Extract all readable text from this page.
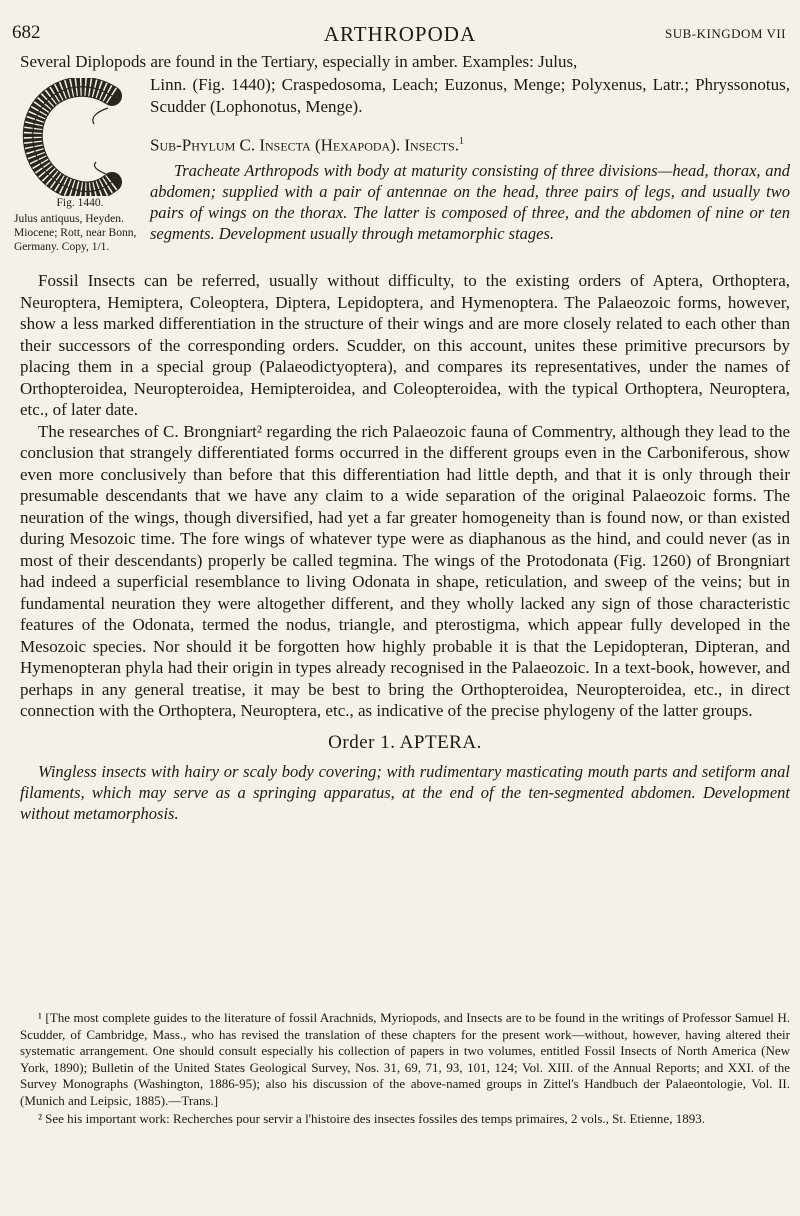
682	ARTHROPODA	SUB-KINGDOM VII
Several Diplopods are found in the Tertiary, especially in amber. Examples: Julus,
Fig. 1440.
Julus antiquus, Heyden. Miocene; Rott, near Bonn, Germany. Copy, 1/1.

Linn. (Fig. 1440); Craspedosoma, Leach; Euzonus, Menge; Polyxenus, Latr.; Phryssonotus, Scudder (Lophonotus, Menge).

Sub-Phylum C. Insecta (Hexapoda). Insects.$^1$

Tracheate Arthropods with body at maturity consisting of three divisions—head, thorax, and abdomen; supplied with a pair of antennae on the head, three pairs of legs, and usually two pairs of wings on the thorax. The latter is composed of three, and the abdomen of nine or ten segments. Development usually through metamorphic stages.

Fossil Insects can be referred, usually without difficulty, to the existing orders of Aptera, Orthoptera, Neuroptera, Hemiptera, Coleoptera, Diptera, Lepidoptera, and Hymenoptera. The Palaeozoic forms, however, show a less marked differentiation in the structure of their wings and are more closely related to each other than their successors of the corresponding orders. Scudder, on this account, unites these primitive precursors by placing them in a special group (Palaeodictyoptera), and compares its representatives, under the names of Orthopteroidea, Neuropteroidea, Hemipteroidea, and Coleopteroidea, with the typical Orthoptera, Neuroptera, etc., of later date.

The researches of C. Brongniart² regarding the rich Palaeozoic fauna of Commentry, although they lead to the conclusion that strangely differentiated forms occurred in the different groups even in the Carboniferous, show even more conclusively than before that this differentiation had little depth, and that it is only through their presumable descendants that we have any claim to a wide separation of the original Palaeozoic forms. The neuration of the wings, though diversified, had yet a far greater homogeneity than is found now, or than existed during Mesozoic time. The fore wings of whatever type were as diaphanous as the hind, and could never (as in most of their descendants) properly be called tegmina. The wings of the Protodonata (Fig. 1260) of Brongniart had indeed a superficial resemblance to living Odonata in shape, reticulation, and sweep of the veins; but in fundamental neuration they were altogether different, and they wholly lacked any sign of those characteristic features of the Odonata, termed the nodus, triangle, and pterostigma, which appear fully developed in the Mesozoic species. Nor should it be forgotten how highly probable it is that the Lepidopteran, Dipteran, and Hymenopteran phyla had their origin in types already recognised in the Palaeozoic. In a text-book, however, and perhaps in any general treatise, it may be best to bring the Orthopteroidea, Neuropteroidea, etc., in direct connection with the Orthoptera, Neuroptera, etc., as indicative of the precise phylogeny of the latter groups.

Order 1. APTERA.

Wingless insects with hairy or scaly body covering; with rudimentary masticating mouth parts and setiform anal filaments, which may serve as a springing apparatus, at the end of the ten-segmented abdomen. Development without metamorphosis.

¹ [The most complete guides to the literature of fossil Arachnids, Myriopods, and Insects are to be found in the writings of Professor Samuel H. Scudder, of Cambridge, Mass., who has revised the translation of these chapters for the present work—without, however, having altered their systematic arrangement. One should consult especially his collection of papers in two volumes, entitled Fossil Insects of North America (New York, 1890); Bulletin of the United States Geological Survey, Nos. 31, 69, 71, 93, 101, 124; Vol. XIII. of the Annual Reports; and XXI. of the Survey Monographs (Washington, 1886-95); also his discussion of the above-named groups in Zittel's Handbuch der Palaeontologie, Vol. II. (Munich and Leipsic, 1885).—Trans.]

² See his important work: Recherches pour servir a l'histoire des insectes fossiles des temps primaires, 2 vols., St. Etienne, 1893.
